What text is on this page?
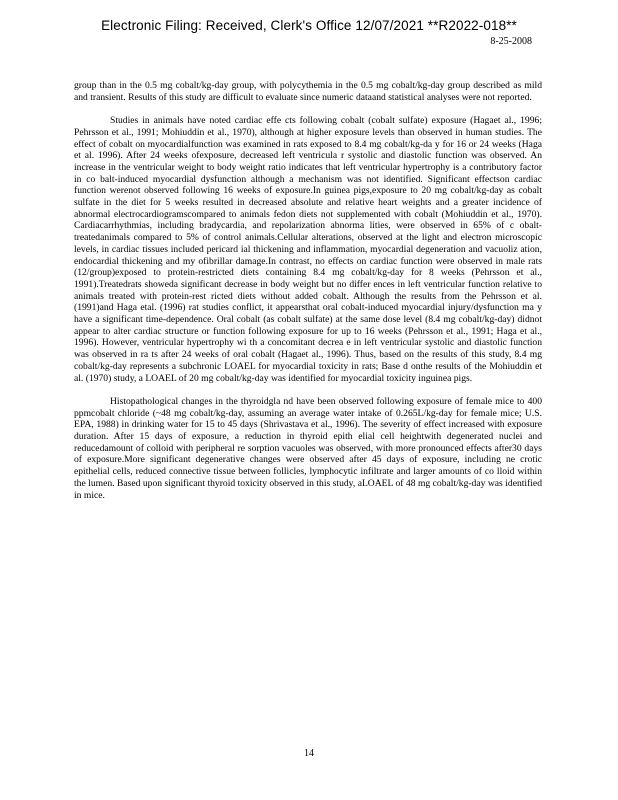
Electronic Filing: Received, Clerk's Office 12/07/2021 **R2022-018**
8-25-2008

group than in the 0.5 mg cobalt/kg-day group, with polycythemia in the 0.5 mg cobalt/kg-day group described as mild and transient. Results of this study are difficult to evaluate since numeric dataand statistical analyses were not reported.

Studies in animals have noted cardiac effe cts following cobalt (cobalt sulfate) exposure (Hagaet al., 1996; Pehrsson et al., 1991; Mohiuddin et al., 1970), although at higher exposure levels than observed in human studies. The effect of cobalt on myocardialfunction was examined in rats exposed to 8.4 mg cobalt/kg-da y for 16 or 24 weeks (Haga et al. 1996). After 24 weeks ofexposure, decreased left ventricula r systolic and diastolic function was observed. An increase in the ventricular weight to body weight ratio indicates that left ventricular hypertrophy is a contributory factor in co balt-induced myocardial dysfunction although a mechanism was not identified. Significant effectson cardiac function werenot observed following 16 weeks of exposure.In guinea pigs,exposure to 20 mg cobalt/kg-day as cobalt sulfate in the diet for 5 weeks resulted in decreased absolute and relative heart weights and a greater incidence of abnormal electrocardiogramscompared to animals fedon diets not supplemented with cobalt (Mohiuddin et al., 1970). Cardiacarrhythmias, including bradycardia, and repolarization abnorma lities, were observed in 65% of c obalt-treatedanimals compared to 5% of control animals.Cellular alterations, observed at the light and electron microscopic levels, in cardiac tissues included pericard ial thickening and inflammation, myocardial degeneration and vacuoliz ation, endocardial thickening and my ofibrillar damage.In contrast, no effects on cardiac function were observed in male rats (12/group)exposed to protein-restricted diets containing 8.4 mg cobalt/kg-day for 8 weeks (Pehrsson et al., 1991).Treatedrats showeda significant decrease in body weight but no differ ences in left ventricular function relative to animals treated with protein-rest ricted diets without added cobalt. Although the results from the Pehrsson et al. (1991)and Haga etal. (1996) rat studies conflict, it appearsthat oral cobalt-induced myocardial injury/dysfunction ma y have a significant time-dependence. Oral cobalt (as cobalt sulfate) at the same dose level (8.4 mg cobalt/kg-day) didnot appear to alter cardiac structure or function following exposure for up to 16 weeks (Pehrsson et al., 1991; Haga et al., 1996). However, ventricular hypertrophy wi th a concomitant decrea e in left ventricular systolic and diastolic function was observed in ra ts after 24 weeks of oral cobalt (Hagaet al., 1996). Thus, based on the results of this study, 8.4 mg cobalt/kg-day represents a subchronic LOAEL for myocardial toxicity in rats; Base d onthe results of the Mohiuddin et al. (1970) study, a LOAEL of 20 mg cobalt/kg-day was identified for myocardial toxicity inguinea pigs.

Histopathological changes in the thyroidgla nd have been observed following exposure of female mice to 400 ppmcobalt chloride (~48 mg cobalt/kg-day, assuming an average water intake of 0.265L/kg-day for female mice; U.S. EPA, 1988) in drinking water for 15 to 45 days (Shrivastava et al., 1996). The severity of effect increased with exposure duration. After 15 days of exposure, a reduction in thyroid epith elial cell heightwith degenerated nuclei and reducedamount of colloid with peripheral re sorption vacuoles was observed, with more pronounced effects after30 days of exposure.More significant degenerative changes were observed after 45 days of exposure, including ne crotic epithelial cells, reduced connective tissue between follicles, lymphocytic infiltrate and larger amounts of co lloid within the lumen. Based upon significant thyroid toxicity observed in this study, aLOAEL of 48 mg cobalt/kg-day was identified in mice.

14
